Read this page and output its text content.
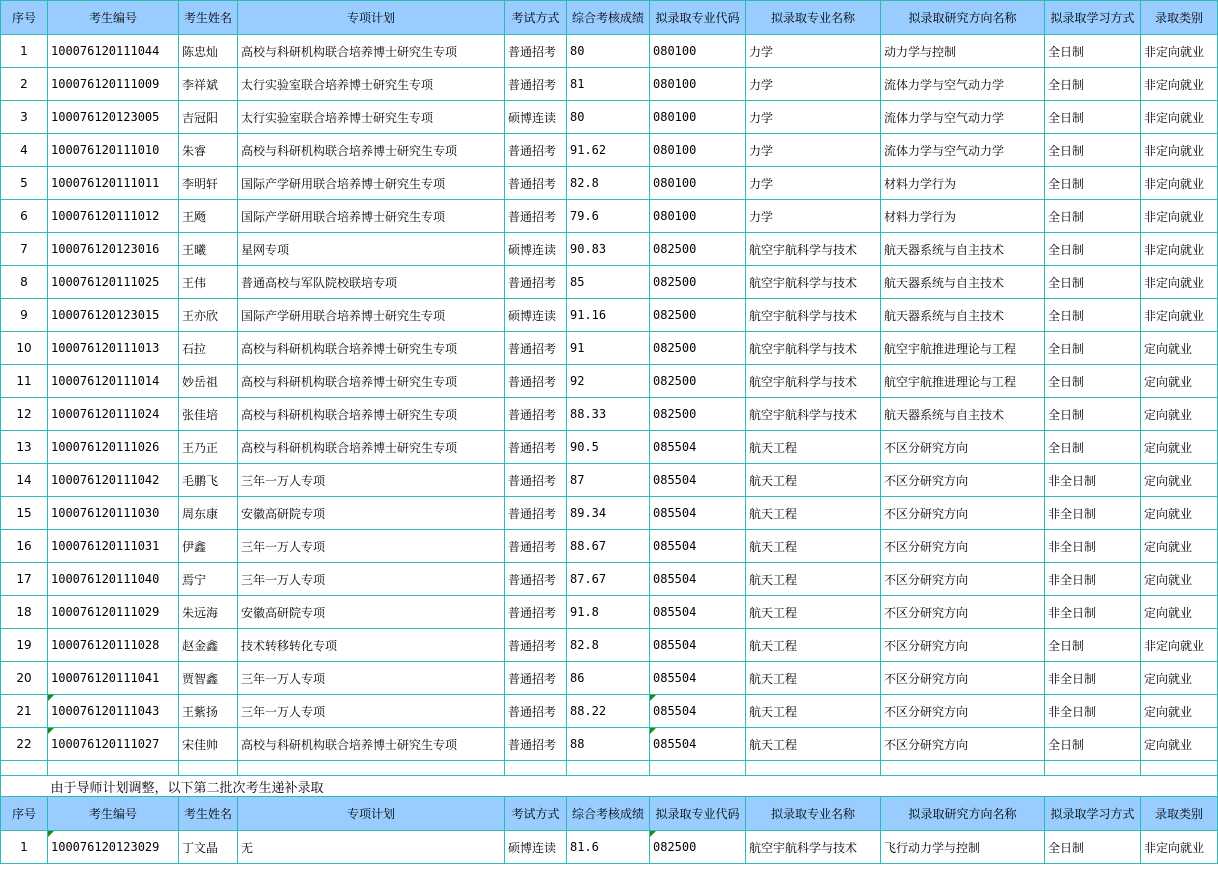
序号	考生编号	考生姓名	专项计划	考试方式	综合考核成绩	拟录取专业代码	拟录取专业名称	拟录取研究方向名称	拟录取学习方式	录取类别
1	100076120111044	陈忠灿	高校与科研机构联合培养博士研究生专项	普通招考	80	080100	力学	动力学与控制	全日制	非定向就业
2	100076120111009	李祥斌	太行实验室联合培养博士研究生专项	普通招考	81	080100	力学	流体力学与空气动力学	全日制	非定向就业
3	100076120123005	吉冠阳	太行实验室联合培养博士研究生专项	硕博连读	80	080100	力学	流体力学与空气动力学	全日制	非定向就业
4	100076120111010	朱睿	高校与科研机构联合培养博士研究生专项	普通招考	91.62	080100	力学	流体力学与空气动力学	全日制	非定向就业
5	100076120111011	李明轩	国际产学研用联合培养博士研究生专项	普通招考	82.8	080100	力学	材料力学行为	全日制	非定向就业
6	100076120111012	王飏	国际产学研用联合培养博士研究生专项	普通招考	79.6	080100	力学	材料力学行为	全日制	非定向就业
7	100076120123016	王曦	星网专项	硕博连读	90.83	082500	航空宇航科学与技术	航天器系统与自主技术	全日制	非定向就业
8	100076120111025	王伟	普通高校与军队院校联培专项	普通招考	85	082500	航空宇航科学与技术	航天器系统与自主技术	全日制	非定向就业
9	100076120123015	王亦欣	国际产学研用联合培养博士研究生专项	硕博连读	91.16	082500	航空宇航科学与技术	航天器系统与自主技术	全日制	非定向就业
10	100076120111013	石拉	高校与科研机构联合培养博士研究生专项	普通招考	91	082500	航空宇航科学与技术	航空宇航推进理论与工程	全日制	定向就业
11	100076120111014	妙岳祖	高校与科研机构联合培养博士研究生专项	普通招考	92	082500	航空宇航科学与技术	航空宇航推进理论与工程	全日制	定向就业
12	100076120111024	张佳培	高校与科研机构联合培养博士研究生专项	普通招考	88.33	082500	航空宇航科学与技术	航天器系统与自主技术	全日制	定向就业
13	100076120111026	王乃正	高校与科研机构联合培养博士研究生专项	普通招考	90.5	085504	航天工程	不区分研究方向	全日制	定向就业
14	100076120111042	毛鹏飞	三年一万人专项	普通招考	87	085504	航天工程	不区分研究方向	非全日制	定向就业
15	100076120111030	周东康	安徽高研院专项	普通招考	89.34	085504	航天工程	不区分研究方向	非全日制	定向就业
16	100076120111031	伊鑫	三年一万人专项	普通招考	88.67	085504	航天工程	不区分研究方向	非全日制	定向就业
17	100076120111040	焉宁	三年一万人专项	普通招考	87.67	085504	航天工程	不区分研究方向	非全日制	定向就业
18	100076120111029	朱远海	安徽高研院专项	普通招考	91.8	085504	航天工程	不区分研究方向	非全日制	定向就业
19	100076120111028	赵金鑫	技术转移转化专项	普通招考	82.8	085504	航天工程	不区分研究方向	全日制	非定向就业
20	100076120111041	贾智鑫	三年一万人专项	普通招考	86	085504	航天工程	不区分研究方向	非全日制	定向就业
21	100076120111043	王紫扬	三年一万人专项	普通招考	88.22	085504	航天工程	不区分研究方向	非全日制	定向就业
22	100076120111027	宋佳帅	高校与科研机构联合培养博士研究生专项	普通招考	88	085504	航天工程	不区分研究方向	全日制	定向就业

	由于导师计划调整，以下第二批次考生递补录取									
序号	考生编号	考生姓名	专项计划	考试方式	综合考核成绩	拟录取专业代码	拟录取专业名称	拟录取研究方向名称	拟录取学习方式	录取类别
1	100076120123029	丁文晶	无	硕博连读	81.6	082500	航空宇航科学与技术	飞行动力学与控制	全日制	非定向就业
